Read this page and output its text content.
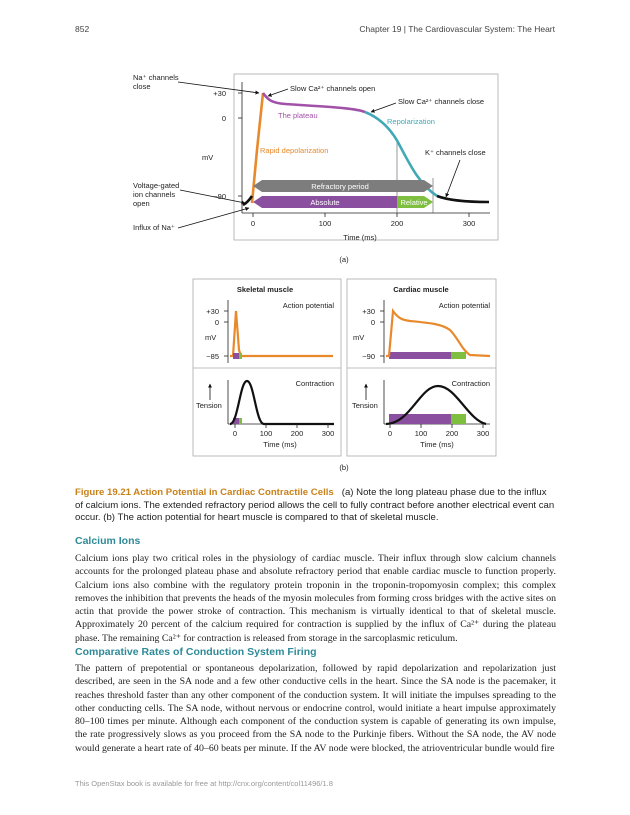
852	Chapter 19 | The Cardiovascular System: The Heart
+30
0
−90
mV
0	100	200	300
Time (ms)
Refractory period
Absolute	Relative
The plateau
Repolarization
Rapid depolarization
Na⁺ channels
close
Voltage-gated
ion channels
open
Influx of Na⁺
Slow Ca²⁺ channels open
Slow Ca²⁺ channels close
K⁺ channels close
(a)
Skeletal muscle
Action potential
+30
0
−85
mV
Contraction
Tension
0	100 200 300
Time (ms)
Cardiac muscle
Action potential
+30
0
−90
mV
Contraction
Tension
0	100 200 300
Time (ms)
(b)
Figure 19.21 Action Potential in Cardiac Contractile Cells (a) Note the long plateau phase due to the influx of calcium ions. The extended refractory period allows the cell to fully contract before another electrical event can occur. (b) The action potential for heart muscle is compared to that of skeletal muscle.
Calcium Ions
Calcium ions play two critical roles in the physiology of cardiac muscle. Their influx through slow calcium channels accounts for the prolonged plateau phase and absolute refractory period that enable cardiac muscle to function properly. Calcium ions also combine with the regulatory protein troponin in the troponin-tropomyosin complex; this complex removes the inhibition that prevents the heads of the myosin molecules from forming cross bridges with the active sites on actin that provide the power stroke of contraction. This mechanism is virtually identical to that of skeletal muscle. Approximately 20 percent of the calcium required for contraction is supplied by the influx of Ca²⁺ during the plateau phase. The remaining Ca²⁺ for contraction is released from storage in the sarcoplasmic reticulum.
Comparative Rates of Conduction System Firing
The pattern of prepotential or spontaneous depolarization, followed by rapid depolarization and repolarization just described, are seen in the SA node and a few other conductive cells in the heart. Since the SA node is the pacemaker, it reaches threshold faster than any other component of the conduction system. It will initiate the impulses spreading to the other conducting cells. The SA node, without nervous or endocrine control, would initiate a heart impulse approximately 80–100 times per minute. Although each component of the conduction system is capable of generating its own impulse, the rate progressively slows as you proceed from the SA node to the Purkinje fibers. Without the SA node, the AV node would generate a heart rate of 40–60 beats per minute. If the AV node were blocked, the atrioventricular bundle would fire
This OpenStax book is available for free at http://cnx.org/content/col11496/1.8
